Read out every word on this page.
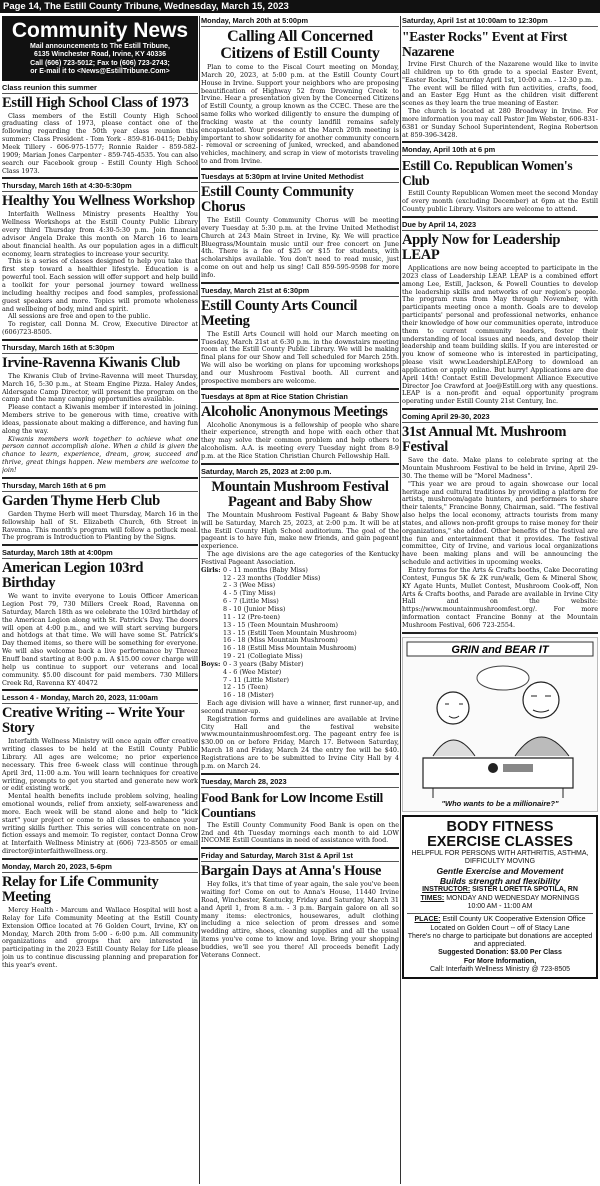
Page 14, The Estill County Tribune, Wednesday, March 15, 2023
Community News
Mail announcements to The Estill Tribune,
6135 Winchester Road, Irvine, KY 40336
Call (606) 723-5012; Fax to (606) 723-2743;
or E-mail it to <News@EstillTribune.Com>
Class reunion this summer
Estill High School Class of 1973

Class members of the Estill County High School graduating class of 1973, please contact one of the following regarding the 50th year class reunion this summer: Class President - Tom York - 859-816-0415; Debby Meek Tillery - 606-975-1577; Ronnie Raider - 859-582-1909; Marian Jones Carpenter - 859-745-4535. You can also search our Facebook group - Estill County High School Class 1973.

Thursday, March 16th at 4:30-5:30pm
Healthy You Wellness Workshop

Interfaith Wellness Ministry presents Healthy You Wellness Workshops at the Estill County Public Library every third Thursday from 4:30-5:30 p.m. Join financial advisor Angela Drake this month on March 16 to learn about financial health. As our population ages in a difficult economy, learn strategies to increase your security.

This is a series of classes designed to help you take that first step toward a healthier lifestyle. Education is a powerful tool. Each session will offer support and help build a toolkit for your personal journey toward wellness including healthy recipes and food samples, professional guest speakers and more. Topics will promote wholeness and wellbeing of body, mind and spirit.

All sessions are free and open to the public.

To register, call Donna M. Crow, Executive Director at (606)723-8505.

Thursday, March 16th at 5:30pm
Irvine-Ravenna Kiwanis Club

The Kiwanis Club of Irvine-Ravenna will meet Thursday, March 16, 5:30 p.m., at Steam Engine Pizza. Haley Andes, Aldersgate Camp Director, will present the program on the camp and the many camping opportunities available.

Please contact a Kiwanis member if interested in joining. Members strive to be generous with time, creative with ideas, passionate about making a difference, and having fun along the way.

Kiwanis members work together to achieve what one person cannot accomplish alone. When a child is given the chance to learn, experience, dream, grow, succeed and thrive, great things happen. New members are welcome to join!

Thursday, March 16th at 6 pm
Garden Thyme Herb Club

Garden Thyme Herb will meet Thursday, March 16 in the fellowship hall of St. Elizabeth Church, 6th Street in Ravenna. This month's program will follow a potluck meal. The program is Introduction to Planting by the Signs.

Saturday, March 18th at 4:00pm
American Legion 103rd Birthday

We want to invite everyone to Louis Officer American Legion Post 79, 730 Millers Creek Road, Ravenna on Saturday, March 18th as we celebrate the 103rd birthday of the American Legion along with St. Patrick's Day. The doors will open at 4:00 p.m., and we will start serving burgers and hotdogs at that time. We will have some St. Patrick's Day themed items, so there will be something for everyone. We will also welcome back a live performance by Threez Enuff band starting at 8:00 p.m. A $15.00 cover charge will help us continue to support our veterans and local community. $5.00 discount for paid members. 730 Millers Creek Rd, Ravenna KY 40472

Lesson 4 - Monday, March 20, 2023, 11:00am
Creative Writing -- Write Your Story

Interfaith Wellness Ministry will once again offer creative writing classes to be held at the Estill County Public Library. All ages are welcome; no prior experience necessary. This free 6-week class will continue through April 3rd, 11:00 a.m. You will learn techniques for creative writing, prompts to get you started and generate new work or edit existing work.

Mental health benefits include problem solving, healing emotional wounds, relief from anxiety, self-awareness and more. Each week will be stand alone and help to "kick start" your project or come to all classes to enhance your writing skills further. This series will concentrate on non-fiction essays and memoir. To register, contact Donna Crow at Interfaith Wellness Ministry at (606) 723-8505 or email director@interfaithwellness.org.

Monday, March 20, 2023, 5-6pm
Relay for Life Community Meeting

Mercy Health - Marcum and Wallace Hospital will host a Relay for Life Community Meeting at the Estill County Extension Office located at 76 Golden Court, Irvine, KY on Monday, March 20th from 5:00 - 6:00 p.m. All community organizations and groups that are interested in participating in the 2023 Estill County Relay for Life please join us to continue discussing planning and preparation for this year's event.

Monday, March 20th at 5:00pm
Calling All Concerned Citizens of Estill County

Plan to come to the Fiscal Court meeting on Monday, March 20, 2023, at 5:00 p.m. at the Estill County Court House in Irvine. Support your neighbors who are proposing beautification of Highway 52 from Drowning Creek to Irvine. Hear a presentation given by the Concerned Citizens of Estill County, a group known as the CCEC. These are the same folks who worked diligently to ensure the dumping of fracking waste at the county landfill remains safely encapsulated. Your presence at the March 20th meeting is important to show solidarity for another community concern - removal or screening of junked, wrecked, and abandoned vehicles, machinery, and scrap in view of motorists traveling to and from Irvine.

Tuesdays at 5:30pm at Irvine United Methodist
Estill County Community Chorus

The Estill County Community Chorus will be meeting every Tuesday at 5:30 p.m. at the Irvine United Methodist Church at 243 Main Street in Irvine, Ky. We will practice Bluegrass/Mountain music until our free concert on June 4th. There is a fee of $25 or $15 for students, with scholarships available. You don't need to read music, just come on out and help us sing! Call 859-595-9598 for more info.

Tuesday, March 21st at 6:30pm
Estill County Arts Council Meeting

The Estill Arts Council will hold our March meeting on Tuesday, March 21st at 6:30 p.m. in the downstairs meeting room at the Estill County Public Library. We will be making final plans for our Show and Tell scheduled for March 25th. We will also be working on plans for upcoming workshops and our Mushroom Festival booth. All current and prospective members are welcome.

Tuesdays at 8pm at Rice Station Christian
Alcoholic Anonymous Meetings

Alcoholic Anonymous is a fellowship of people who share their experience, strength and hope with each other that they may solve their common problem and help others to alcoholism. A.A. is meeting every Tuesday night from 8-9 p.m. at the Rice Station Christian Church Fellowship Hall.

Saturday, March 25, 2023 at 2:00 p.m.
Mountain Mushroom Festival Pageant and Baby Show

The Mountain Mushroom Festival Pageant & Baby Show will be Saturday, March 25, 2023, at 2:00 p.m. It will be at the Estill County High School auditorium. The goal of the pageant is to have fun, make new friends, and gain pageant experience.

The age divisions are the age categories of the Kentucky Festival Pageant Association.

Girls: 0 - 11 months (Baby Miss)
12 - 23 months (Toddler Miss)
2 - 3 (Wee Miss)
4 - 5 (Tiny Miss)
6 - 7 (Little Miss)
8 - 10 (Junior Miss)
11 - 12 (Pre-teen)
13 - 15 (Teen Mountain Mushroom)
13 - 15 (Estill Teen Mountain Mushroom)
16 - 18 (Miss Mountain Mushroom)
16 - 18 (Estill Miss Mountain Mushroom)
19 - 21 (Collegiate Miss)
Boys: 0 - 3 years (Baby Mister)
4 - 6 (Wee Mister)
7 - 11 (Little Mister)
12 - 15 (Teen)
16 - 18 (Mister)

Each age division will have a winner, first runner-up, and second runner-up.

Registration forms and guidelines are available at Irvine City Hall and the festival website www.mountainmushroomfest.org. The pageant entry fee is $30.00 on or before Friday, March 17. Between Saturday, March 18 and Friday, March 24 the entry fee will be $40. Registrations are to be submitted to Irvine City Hall by 4 p.m. on March 24.

Tuesday, March 28, 2023
Food Bank for Low Income Estill Countians

The Estill County Community Food Bank is open on the 2nd and 4th Tuesday mornings each month to aid LOW INCOME Estill Countians in need of assistance with food.

Friday and Saturday, March 31st & April 1st
Bargain Days at Anna's House

Hey folks, it's that time of year again, the sale you've been waiting for! Come on out to Anna's House, 11440 Irvine Road, Winchester, Kentucky, Friday and Saturday, March 31 and April 1, from 8 a.m. - 3 p.m. Bargain galore on all so many items: electronics, housewares, adult clothing including a nice selection of prom dresses and some wedding attire, shoes, cleaning supplies and all the usual items you've come to know and love. Bring your shopping buddies, we'll see you there! All proceeds benefit Lady Veterans Connect.

Saturday, April 1st at 10:00am to 12:30pm
"Easter Rocks" Event at First Nazarene

Irvine First Church of the Nazarene would like to invite all children up to 6th grade to a special Easter Event, "Easter Rocks," Saturday April 1st, 10:00 a.m. - 12:30 p.m.

The event will be filled with fun activities, crafts, food, and an Easter Egg Hunt as the children visit different scenes as they learn the true meaning of Easter.

The church is located at 280 Broadway in Irvine. For more information you may call Pastor Jim Webster, 606-831-6381 or Sunday School Superintendent, Regina Robertson at 859-396-3428.

Monday, April 10th at 6 pm
Estill Co. Republican Women's Club

Estill County Republican Women meet the second Monday of every month (excluding December) at 6pm at the Estill County public Library. Visitors are welcome to attend.

Due by April 14, 2023
Apply Now for Leadership LEAP

Applications are now being accepted to participate in the 2023 class of Leadership LEAP. LEAP is a combined effort among Lee, Estill, Jackson, & Powell Counties to develop the leadership skills and networks of our region's people. The program runs from May through November, with participants meeting once a month. Goals are to develop participants' personal and professional networks, enhance their knowledge of how our communities operate, introduce them to current community leaders, foster their understanding of local issues and needs, and develop their leadership and team building skills. If you are interested or you know of someone who is interested in participating, please visit www.LeadershipLEAP.org to download an application or apply online. But hurry! Applications are due April 14th! Contact Estill Development Alliance Executive Director Joe Crawford at Joe@Estill.org with any questions. LEAP is a non-profit and equal opportunity program operating under Estill County 21st Century, Inc.

Coming April 29-30, 2023
31st Annual Mt. Mushroom Festival

Save the date. Make plans to celebrate spring at the Mountain Mushroom Festival to be held in Irvine, April 29-30. The theme will be "Morel Madness".

"This year we are proud to again showcase our local heritage and cultural traditions by providing a platform for artists, mushroom/agate hunters, and performers to share their talents," Francine Bonny, Chairman, said. "The festival also helps the local economy, attracts tourists from many states, and allows non-profit groups to raise money for their organizations," she added. Other benefits of the festival are the fun and entertainment that it provides. The festival committee, City of Irvine, and various local organizations have been making plans and will be announcing the schedule and activities in upcoming weeks.

Entry forms for the Arts & Crafts booths, Cake Decorating Contest, Fungus 5K & 2K run/walk, Gem & Mineral Show, KY Agate Hunts, Mullet Contest, Mushroom Cook-off, Non Arts & Crafts booths, and Parade are available in Irvine City Hall and on the website: https://www.mountainmushroomfest.org/. For more information contact Francine Bonny at the Mountain Mushroom Festival, 606 723-2554.

GRIN and BEAR IT
"Who wants to be a millionaire?"
BODY FITNESS
EXERCISE CLASSES
HELPFUL FOR PERSONS WITH ARTHRITIS, ASTHMA, DIFFICULTY MOVING
Gentle Exercise and Movement
Builds strength and flexibility
INSTRUCTOR: SISTER LORETTA SPOTILA, RN
TIMES: MONDAY AND WEDNESDAY MORNINGS
10:00 AM - 11:00 AM
PLACE: Estill County UK Cooperative Extension Office
Located on Golden Court -- off of Stacy Lane
There's no charge to participate but donations are accepted and appreciated.
Suggested Donation: $3.00 Per Class
For More Information,
Call: Interfaith Wellness Ministry @ 723-8505
